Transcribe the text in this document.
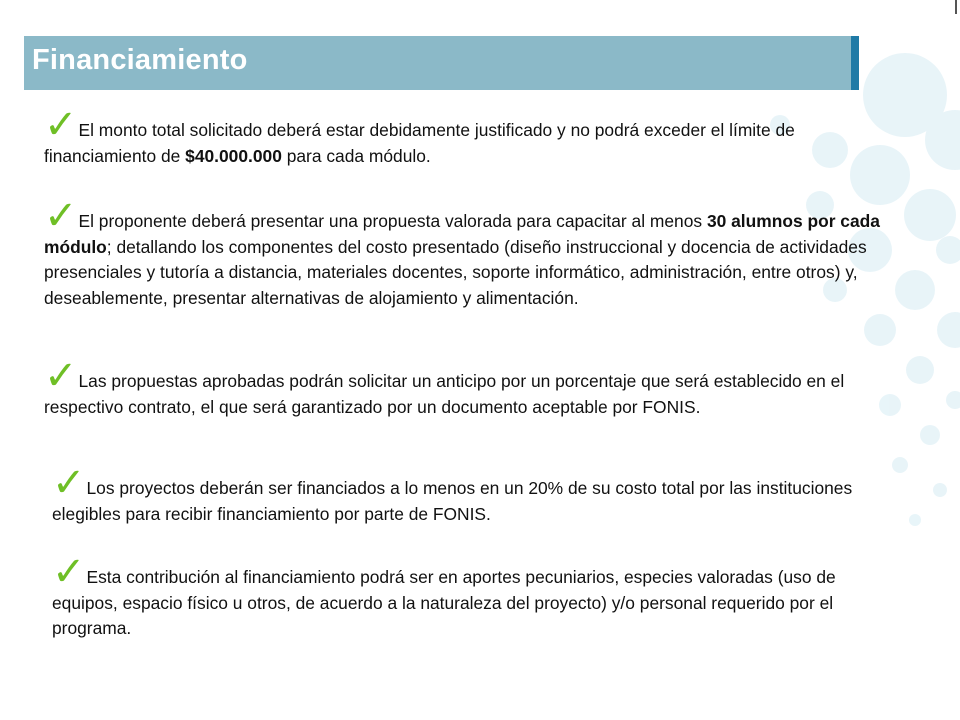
Financiamiento

✓El monto total solicitado deberá estar debidamente justificado y no podrá exceder el límite de financiamiento de $40.000.000 para cada módulo.

✓El proponente deberá presentar una propuesta valorada para capacitar al menos 30 alumnos por cada módulo; detallando los componentes del costo presentado (diseño instruccional y docencia de actividades presenciales y tutoría a distancia, materiales docentes, soporte informático, administración, entre otros) y, deseablemente, presentar alternativas de alojamiento y alimentación.

✓Las propuestas aprobadas podrán solicitar un anticipo por un porcentaje que será establecido en el respectivo contrato, el que será garantizado por un documento aceptable por FONIS.

✓Los proyectos deberán ser financiados a lo menos en un 20% de su costo total por las instituciones elegibles para recibir financiamiento por parte de FONIS.

✓Esta contribución al financiamiento podrá ser en aportes pecuniarios, especies valoradas (uso de equipos, espacio físico u otros, de acuerdo a la naturaleza del proyecto) y/o personal requerido por el programa.
